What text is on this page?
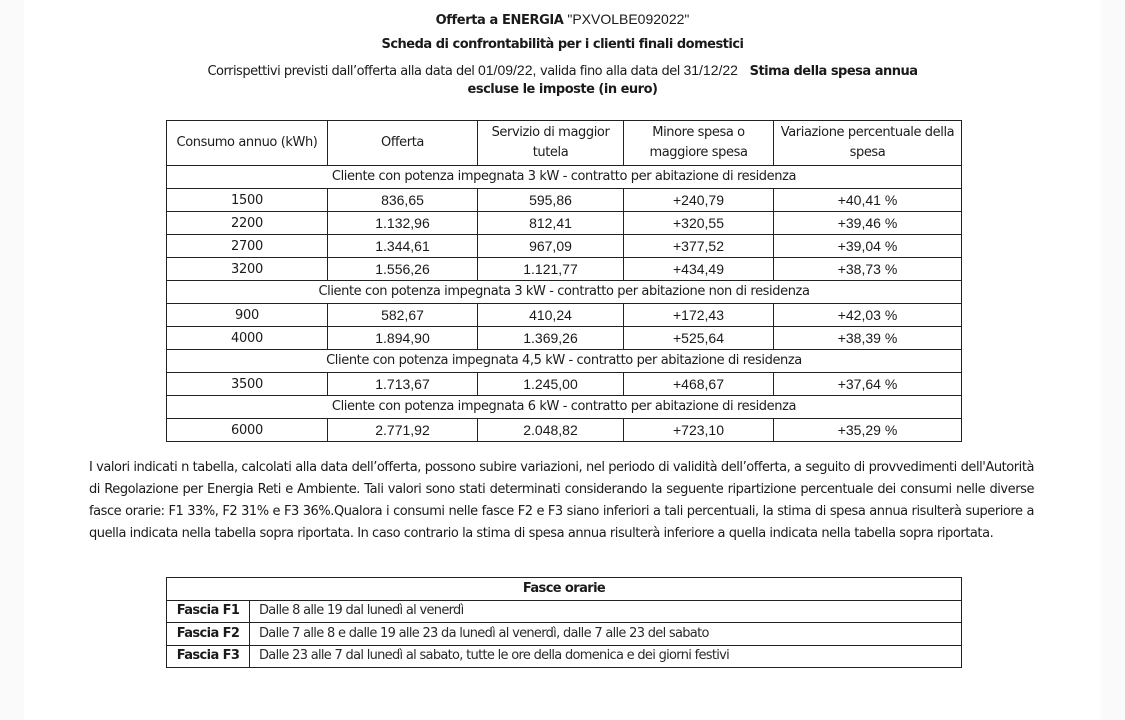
Offerta a ENERGIA "PXVOLBE092022"
Scheda di confrontabilità per i clienti finali domestici
Corrispettivi previsti dall’offerta alla data del 01/09/22, valida fino alla data del 31/12/22 Stima della spesa annua
escluse le imposte (in euro)
Consumo annuo (kWh)	Offerta	Servizio di maggior tutela	Minore spesa o maggiore spesa	Variazione percentuale della spesa
Cliente con potenza impegnata 3 kW - contratto per abitazione di residenza				
1500	836,65	595,86	+240,79	+40,41 %
2200	1.132,96	812,41	+320,55	+39,46 %
2700	1.344,61	967,09	+377,52	+39,04 %
3200	1.556,26	1.121,77	+434,49	+38,73 %
Cliente con potenza impegnata 3 kW - contratto per abitazione non di residenza				
900	582,67	410,24	+172,43	+42,03 %
4000	1.894,90	1.369,26	+525,64	+38,39 %
Cliente con potenza impegnata 4,5 kW - contratto per abitazione di residenza				
3500	1.713,67	1.245,00	+468,67	+37,64 %
Cliente con potenza impegnata 6 kW - contratto per abitazione di residenza				
6000	2.771,92	2.048,82	+723,10	+35,29 %

I valori indicati n tabella, calcolati alla data dell’offerta, possono subire variazioni, nel periodo di validità dell’offerta, a seguito di provvedimenti dell'Autorità di Regolazione per Energia Reti e Ambiente. Tali valori sono stati determinati considerando la seguente ripartizione percentuale dei consumi nelle diverse fasce orarie: F1 33%, F2 31% e F3 36%.Qualora i consumi nelle fasce F2 e F3 siano inferiori a tali percentuali, la stima di spesa annua risulterà superiore a quella indicata nella tabella sopra riportata. In caso contrario la stima di spesa annua risulterà inferiore a quella indicata nella tabella sopra riportata.

Fasce orarie	
Fascia F1	Dalle 8 alle 19 dal lunedì al venerdì
Fascia F2	Dalle 7 alle 8 e dalle 19 alle 23 da lunedì al venerdì, dalle 7 alle 23 del sabato
Fascia F3	Dalle 23 alle 7 dal lunedì al sabato, tutte le ore della domenica e dei giorni festivi
